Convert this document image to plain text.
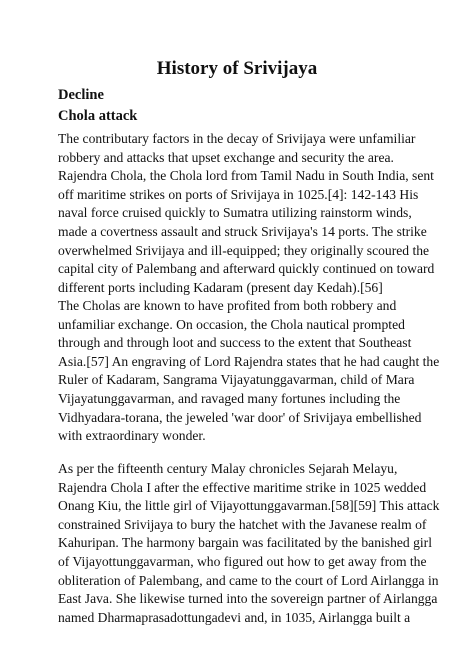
History of Srivijaya
Decline
Chola attack

The contributary factors in the decay of Srivijaya were unfamiliar
robbery and attacks that upset exchange and security the area.
Rajendra Chola, the Chola lord from Tamil Nadu in South India, sent
off maritime strikes on ports of Srivijaya in 1025.[4]: 142-143 His
naval force cruised quickly to Sumatra utilizing rainstorm winds,
made a covertness assault and struck Srivijaya's 14 ports. The strike
overwhelmed Srivijaya and ill-equipped; they originally scoured the
capital city of Palembang and afterward quickly continued on toward
different ports including Kadaram (present day Kedah).[56]

The Cholas are known to have profited from both robbery and
unfamiliar exchange. On occasion, the Chola nautical prompted
through and through loot and success to the extent that Southeast
Asia.[57] An engraving of Lord Rajendra states that he had caught the
Ruler of Kadaram, Sangrama Vijayatunggavarman, child of Mara
Vijayatunggavarman, and ravaged many fortunes including the
Vidhyadara-torana, the jeweled 'war door' of Srivijaya embellished
with extraordinary wonder.

As per the fifteenth century Malay chronicles Sejarah Melayu,
Rajendra Chola I after the effective maritime strike in 1025 wedded
Onang Kiu, the little girl of Vijayottunggavarman.[58][59] This attack
constrained Srivijaya to bury the hatchet with the Javanese realm of
Kahuripan. The harmony bargain was facilitated by the banished girl
of Vijayottunggavarman, who figured out how to get away from the
obliteration of Palembang, and came to the court of Lord Airlangga in
East Java. She likewise turned into the sovereign partner of Airlangga
named Dharmaprasadottungadevi and, in 1035, Airlangga built a
